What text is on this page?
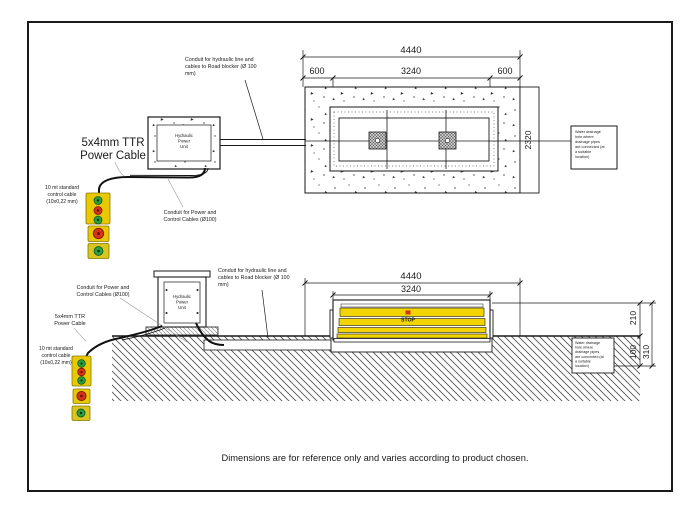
4440
600	3240	600
2320	Water drainage
hole where
drainage pipes
are connected (at
a suitable
location)
Hydraulic
Power
Unit
Conduit for hydraulic line and
cables to Road blocker (Ø 100
mm)
5x4mm TTR
Power Cable
Conduit for Power and
Control Cables (Ø100)
10 mt standard
control cable
(10x0,22 mm)
Conduit for hydraulic line and
cables to Road blocker (Ø 100
mm)
4440
3240
Water drainage
hole where
drainage pipes
are connected (at
a suitable
location)
Hydraulic
Power
Unit
STOP	210
100 310
Conduit for Power and
Control Cables (Ø100)
5x4mm TTR
Power Cable
10 mt standard
control cable
(10x0,22 mm)
Dimensions are for reference only and varies according to product chosen.
